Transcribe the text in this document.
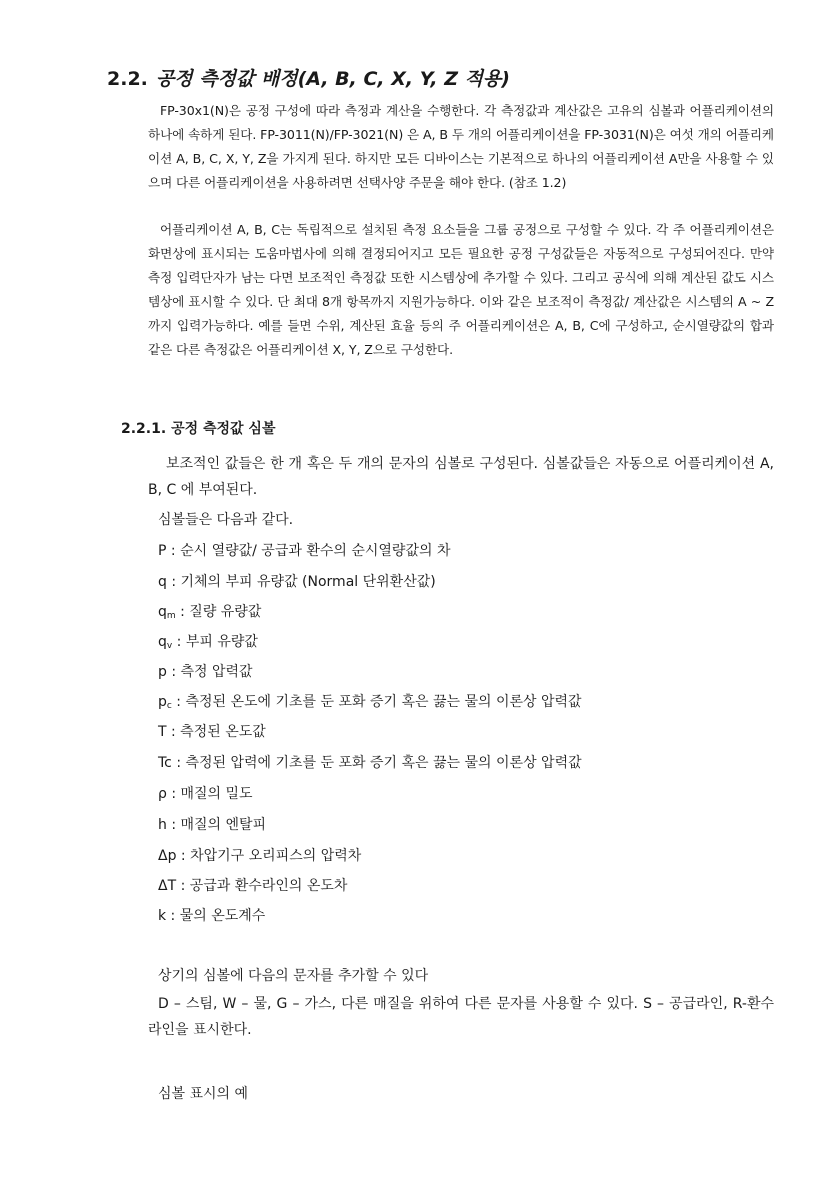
2.2. 공정 측정값 배정(A, B, C, X, Y, Z 적용)

FP-30x1(N)은 공정 구성에 따라 측정과 계산을 수행한다. 각 측정값과 계산값은 고유의 심볼과 어플리케이션의 하나에 속하게 된다. FP-3011(N)/FP-3021(N) 은 A, B 두 개의 어플리케이션을 FP-3031(N)은 여섯 개의 어플리케이션 A, B, C, X, Y, Z을 가지게 된다. 하지만 모든 디바이스는 기본적으로 하나의 어플리케이션 A만을 사용할 수 있으며 다른 어플리케이션을 사용하려면 선택사양 주문을 해야 한다. (참조 1.2)

어플리케이션 A, B, C는 독립적으로 설치된 측정 요소들을 그룹 공정으로 구성할 수 있다. 각 주 어플리케이션은 화면상에 표시되는 도움마법사에 의해 결정되어지고 모든 필요한 공정 구성값들은 자동적으로 구성되어진다. 만약 측정 입력단자가 남는 다면 보조적인 측정값 또한 시스템상에 추가할 수 있다. 그리고 공식에 의해 계산된 값도 시스템상에 표시할 수 있다. 단 최대 8개 항목까지 지원가능하다. 이와 같은 보조적이 측정값/ 계산값은 시스템의 A ~ Z까지 입력가능하다. 예를 들면 수위, 계산된 효율 등의 주 어플리케이션은 A, B, C에 구성하고, 순시열량값의 합과 같은 다른 측정값은 어플리케이션 X, Y, Z으로 구성한다.

2.2.1. 공정 측정값 심볼

보조적인 값들은 한 개 혹은 두 개의 문자의 심볼로 구성된다. 심볼값들은 자동으로 어플리케이션 A, B, C 에 부여된다.

심볼들은 다음과 같다.

P : 순시 열량값/ 공급과 환수의 순시열량값의 차

q : 기체의 부피 유량값 (Normal 단위환산값)

$q_m$ : 질량 유량값

$q_v$ : 부피 유량값

p : 측정 압력값

$p_c$ : 측정된 온도에 기초를 둔 포화 증기 혹은 끓는 물의 이론상 압력값

T : 측정된 온도값

Tc : 측정된 압력에 기초를 둔 포화 증기 혹은 끓는 물의 이론상 압력값

ρ : 매질의 밀도

h : 매질의 엔탈피

Δp : 차압기구 오리피스의 압력차

ΔT : 공급과 환수라인의 온도차

k : 물의 온도계수

상기의 심볼에 다음의 문자를 추가할 수 있다

D – 스팀, W – 물, G – 가스, 다른 매질을 위하여 다른 문자를 사용할 수 있다. S – 공급라인, R-환수 라인을 표시한다.

심볼 표시의 예
